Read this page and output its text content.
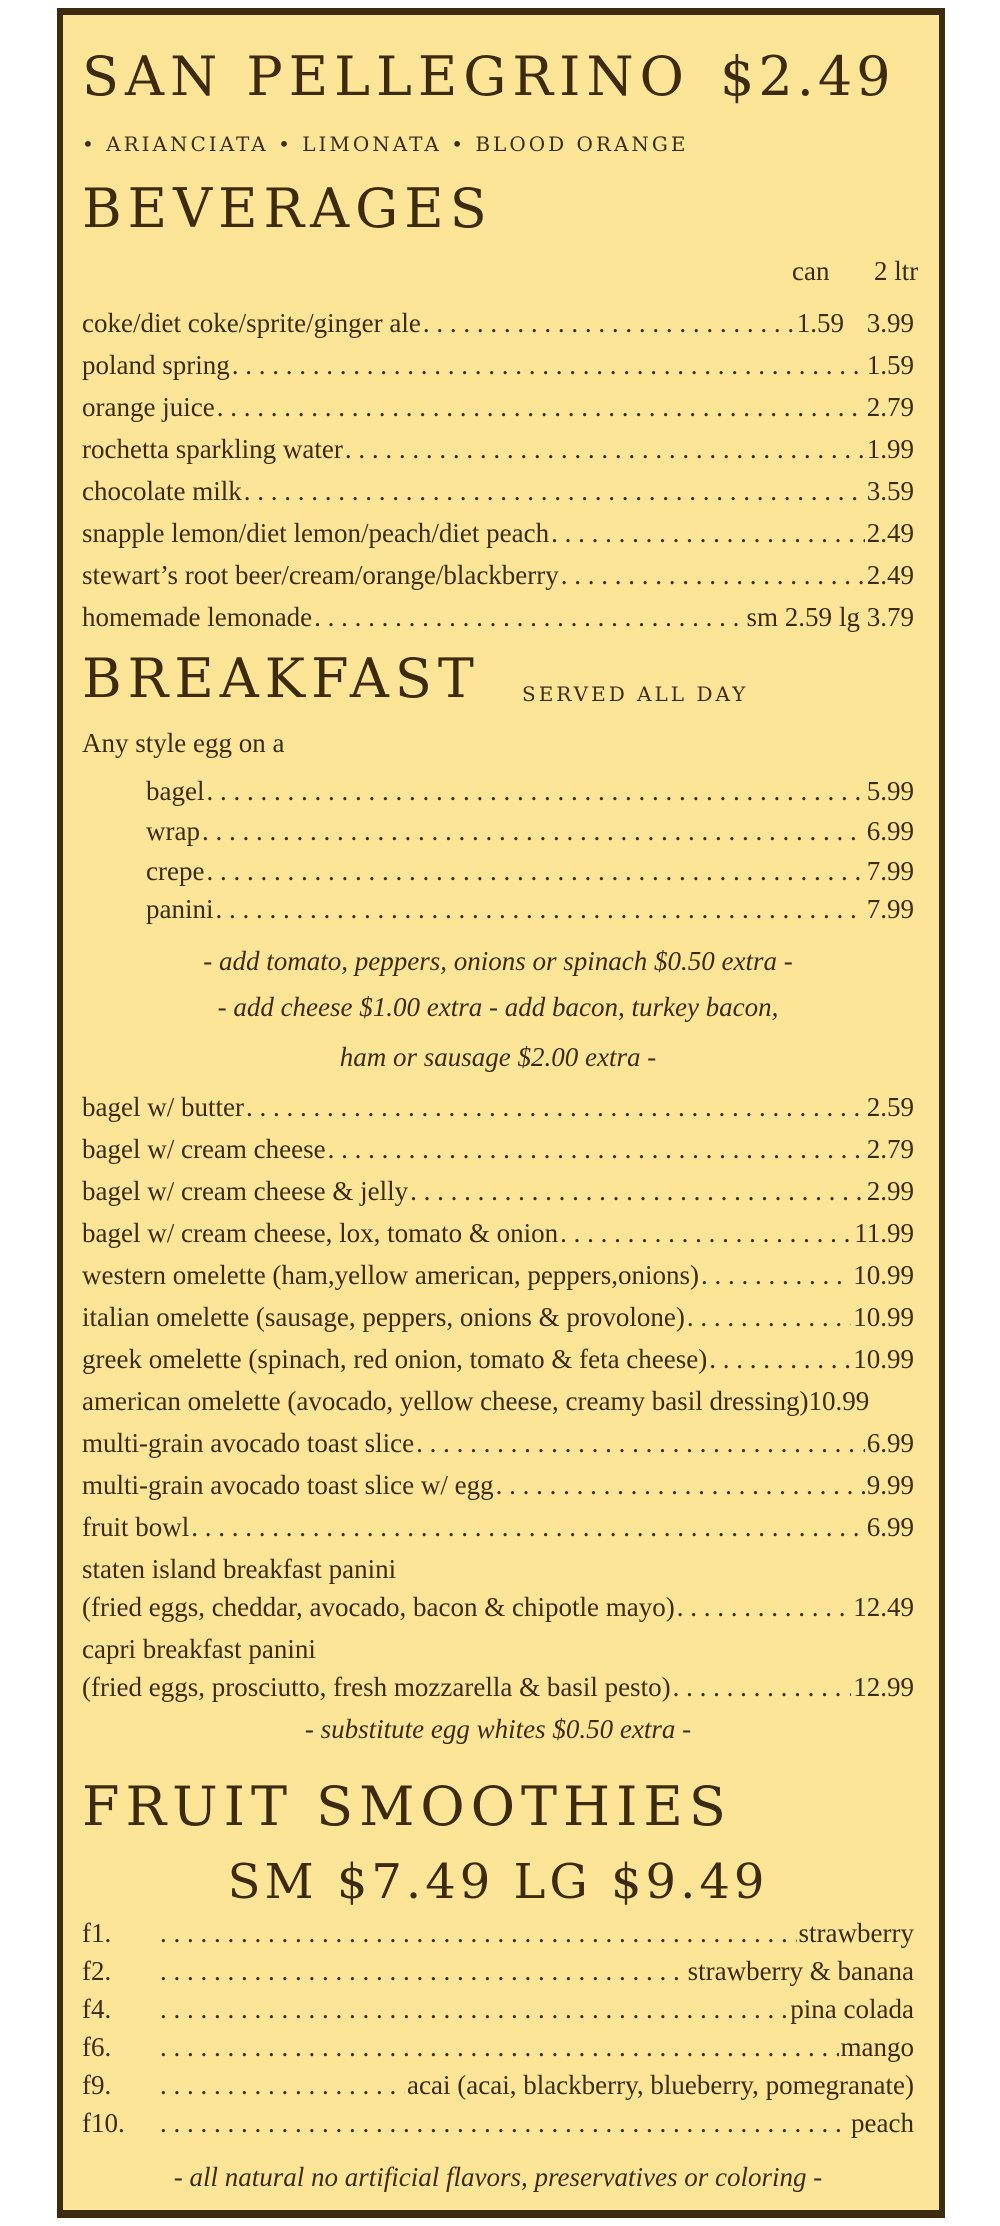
SAN PELLEGRINO $2.49
• ARIANCIATA • LIMONATA • BLOOD ORANGE
BEVERAGES
can 2 ltr
coke/diet coke/sprite/ginger ale . . .	1.59 3.99
poland spring . . .	1.59
orange juice . . .	2.79
rochetta sparkling water . . .	1.99
chocolate milk . . .	3.59
snapple lemon/diet lemon/peach/diet peach . . .	2.49
stewart’s root beer/cream/orange/blackberry . . .	2.49
homemade lemonade . . .	sm 2.59 lg 3.79
BREAKFAST SERVED ALL DAY
Any style egg on a
bagel . . .	5.99
wrap . . .	6.99
crepe . . .	7.99
panini . . .	7.99
- add tomato, peppers, onions or spinach $0.50 extra -
- add cheese $1.00 extra - add bacon, turkey bacon,
ham or sausage $2.00 extra -
bagel w/ butter . . .	2.59
bagel w/ cream cheese . . .	2.79
bagel w/ cream cheese & jelly . . .	2.99
bagel w/ cream cheese, lox, tomato & onion . . .	11.99
western omelette (ham,yellow american, peppers,onions) . . .	10.99
italian omelette (sausage, peppers, onions & provolone) . . .	10.99
greek omelette (spinach, red onion, tomato & feta cheese) . . .	10.99
american omelette (avocado, yellow cheese, creamy basil dressing) 10.99
multi-grain avocado toast slice . . .	6.99
multi-grain avocado toast slice w/ egg . . .	9.99
fruit bowl . . .	6.99
staten island breakfast panini
(fried eggs, cheddar, avocado, bacon & chipotle mayo) . . .	12.49
capri breakfast panini
(fried eggs, prosciutto, fresh mozzarella & basil pesto) . . .	12.99
- substitute egg whites $0.50 extra -
FRUIT SMOOTHIES
SM $7.49 LG $9.49
f1. . . .	strawberry
f2. . . .	strawberry & banana
f4. . . .	pina colada
f6. . . .	mango
f9. . . .	acai (acai, blackberry, blueberry, pomegranate)
f10. . . .	peach
- all natural no artificial flavors, preservatives or coloring -
